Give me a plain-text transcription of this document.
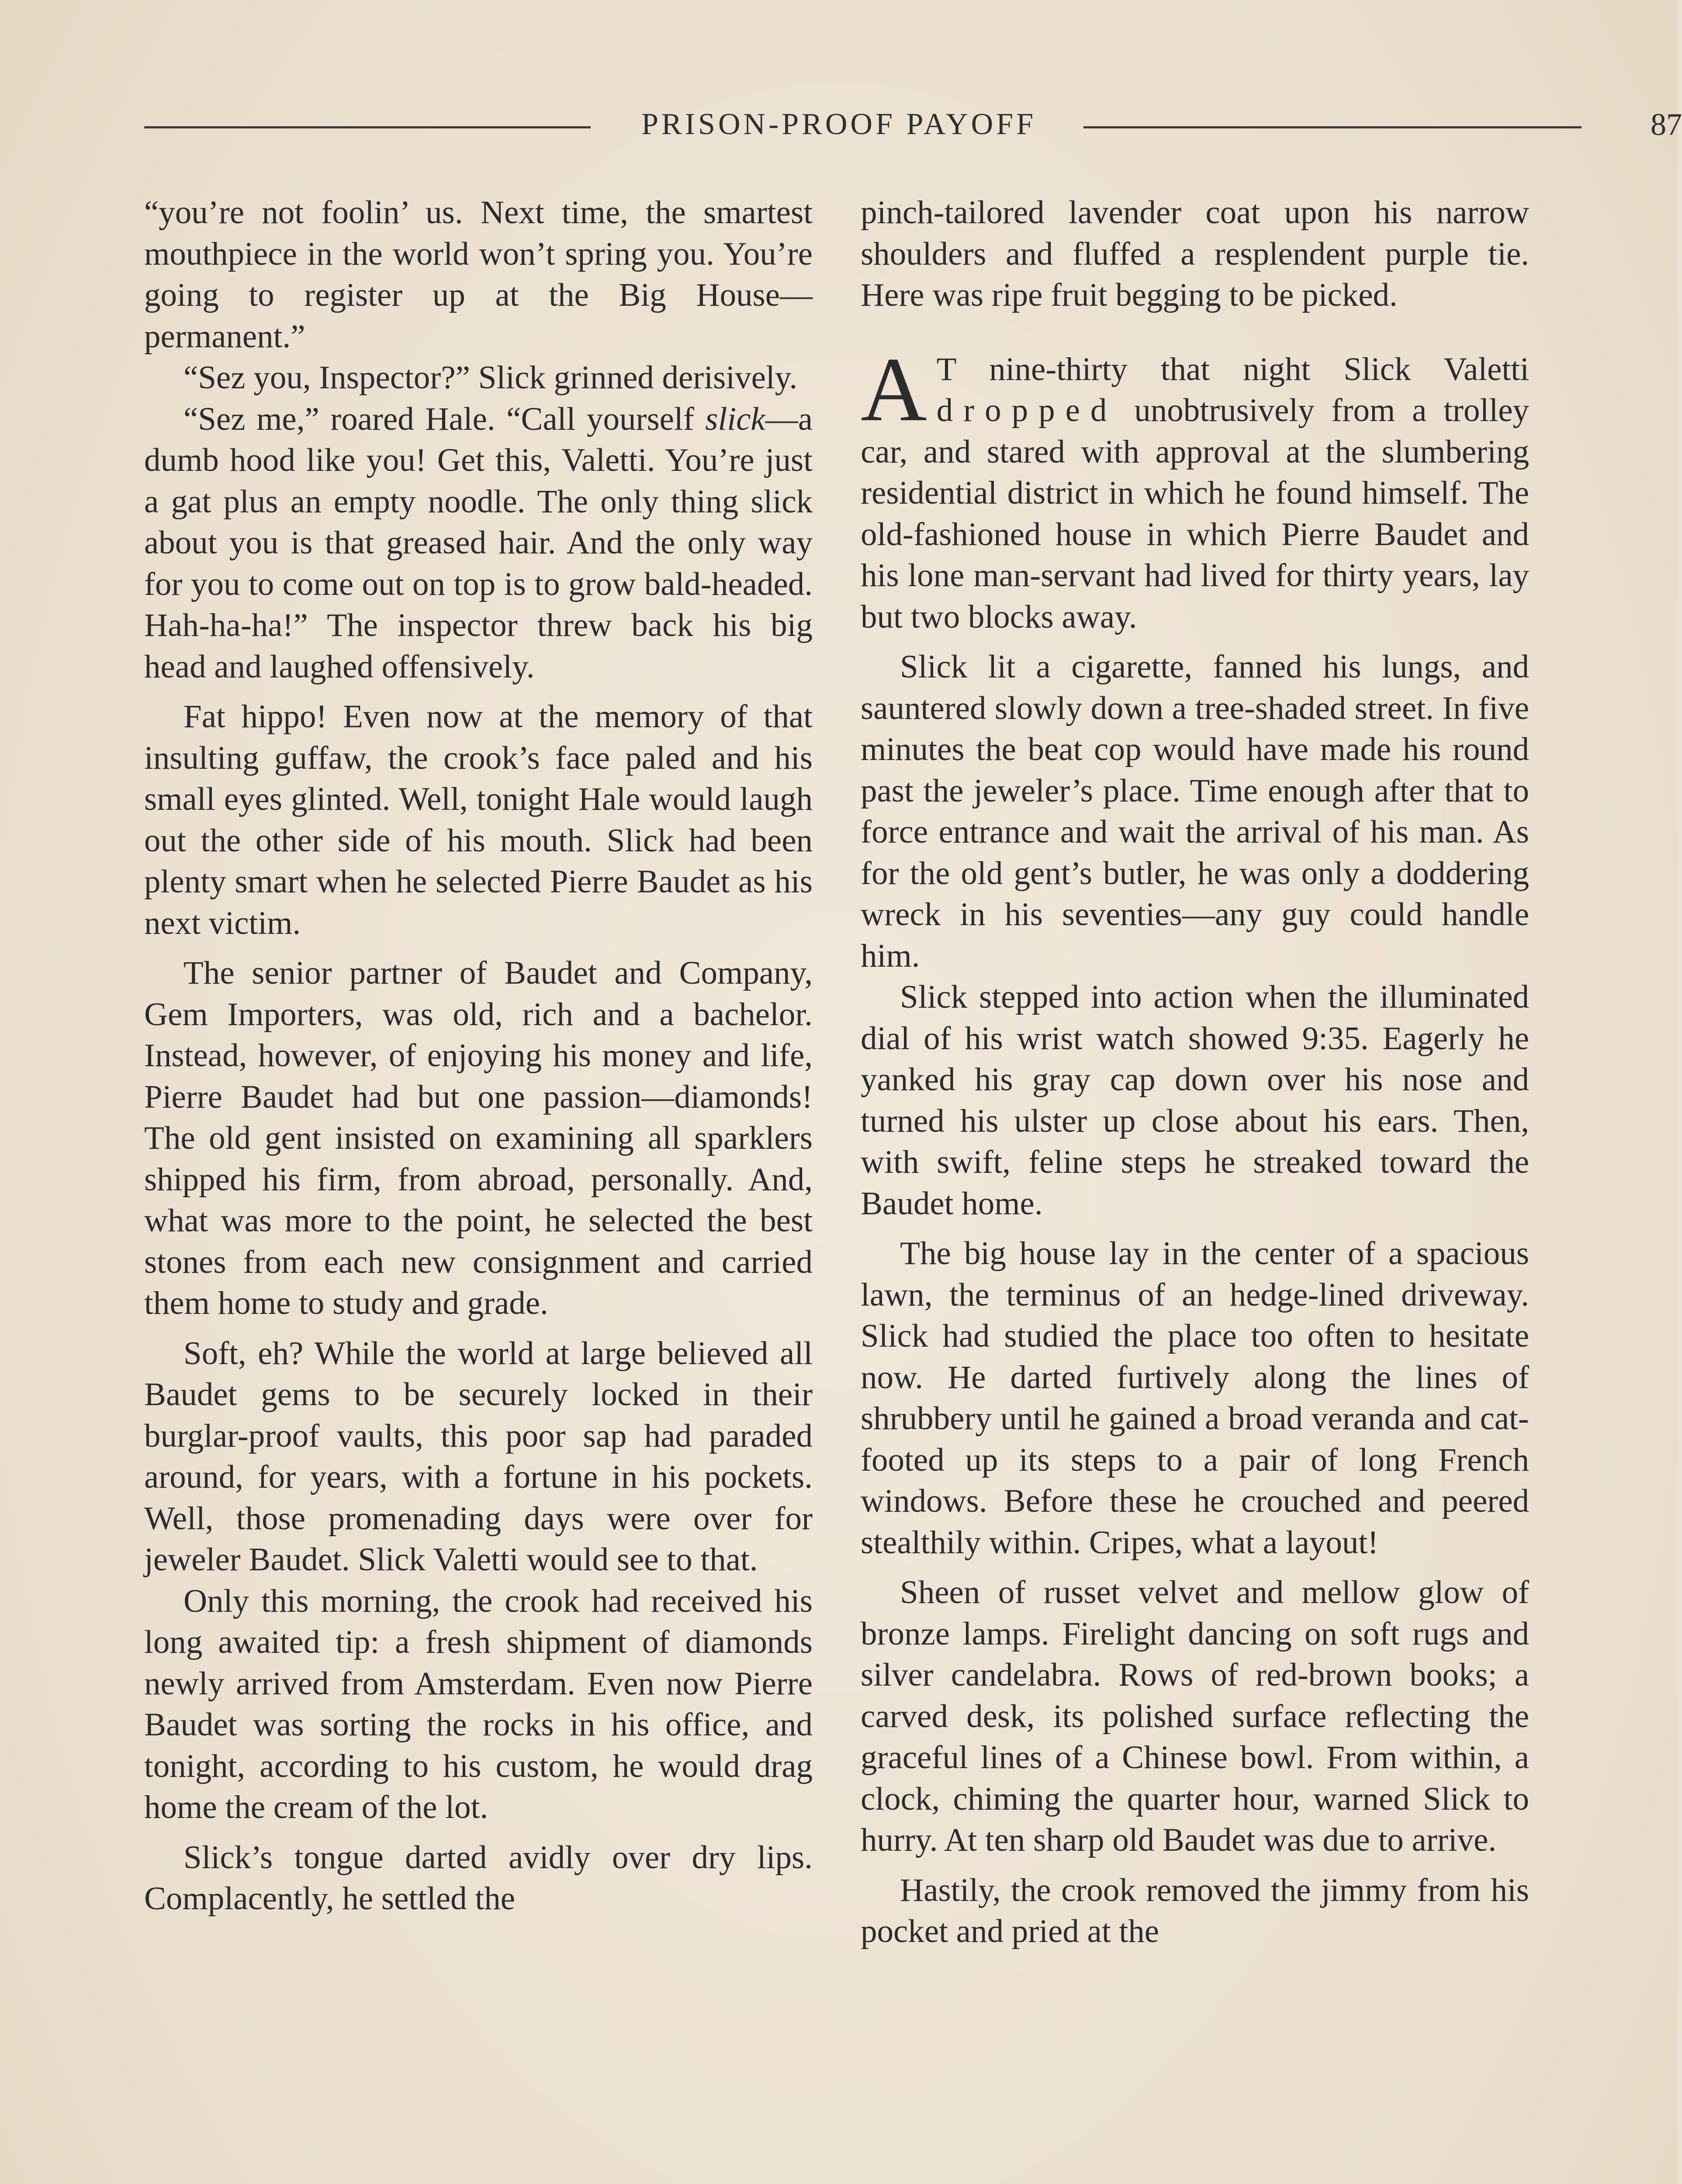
PRISON-PROOF PAYOFF	87

“you’re not foolin’ us. Next time, the smartest mouthpiece in the world won’t spring you. You’re going to register up at the Big House—permanent.”

“Sez you, Inspector?” Slick grinned derisively.

“Sez me,” roared Hale. “Call yourself slick—a dumb hood like you! Get this, Valetti. You’re just a gat plus an empty noodle. The only thing slick about you is that greased hair. And the only way for you to come out on top is to grow bald-headed. Hah-ha-ha!” The inspector threw back his big head and laughed offensively.

Fat hippo! Even now at the memory of that insulting guffaw, the crook’s face paled and his small eyes glinted. Well, tonight Hale would laugh out the other side of his mouth. Slick had been plenty smart when he selected Pierre Baudet as his next victim.

The senior partner of Baudet and Company, Gem Importers, was old, rich and a bachelor. Instead, however, of enjoying his money and life, Pierre Baudet had but one passion—diamonds! The old gent insisted on examining all sparklers shipped his firm, from abroad, personally. And, what was more to the point, he selected the best stones from each new consignment and carried them home to study and grade.

Soft, eh? While the world at large believed all Baudet gems to be securely locked in their burglar-proof vaults, this poor sap had paraded around, for years, with a fortune in his pockets. Well, those promenading days were over for jeweler Baudet. Slick Valetti would see to that.

Only this morning, the crook had received his long awaited tip: a fresh shipment of diamonds newly arrived from Amsterdam. Even now Pierre Baudet was sorting the rocks in his office, and tonight, according to his custom, he would drag home the cream of the lot.

Slick’s tongue darted avidly over dry lips. Complacently, he settled the

pinch-tailored lavender coat upon his narrow shoulders and fluffed a resplendent purple tie. Here was ripe fruit begging to be picked.

A T nine-thirty that night Slick Valetti dropped unobtrusively from a trolley car, and stared with approval at the slumbering residential district in which he found himself. The old-fashioned house in which Pierre Baudet and his lone man-servant had lived for thirty years, lay but two blocks away.

Slick lit a cigarette, fanned his lungs, and sauntered slowly down a tree-shaded street. In five minutes the beat cop would have made his round past the jeweler’s place. Time enough after that to force entrance and wait the arrival of his man. As for the old gent’s butler, he was only a doddering wreck in his seventies—any guy could handle him.

Slick stepped into action when the illuminated dial of his wrist watch showed 9:35. Eagerly he yanked his gray cap down over his nose and turned his ulster up close about his ears. Then, with swift, feline steps he streaked toward the Baudet home.

The big house lay in the center of a spacious lawn, the terminus of an hedge-lined driveway. Slick had studied the place too often to hesitate now. He darted furtively along the lines of shrubbery until he gained a broad veranda and cat-footed up its steps to a pair of long French windows. Before these he crouched and peered stealthily within. Cripes, what a layout!

Sheen of russet velvet and mellow glow of bronze lamps. Firelight dancing on soft rugs and silver candelabra. Rows of red-brown books; a carved desk, its polished surface reflecting the graceful lines of a Chinese bowl. From within, a clock, chiming the quarter hour, warned Slick to hurry. At ten sharp old Baudet was due to arrive.

Hastily, the crook removed the jimmy from his pocket and pried at the
